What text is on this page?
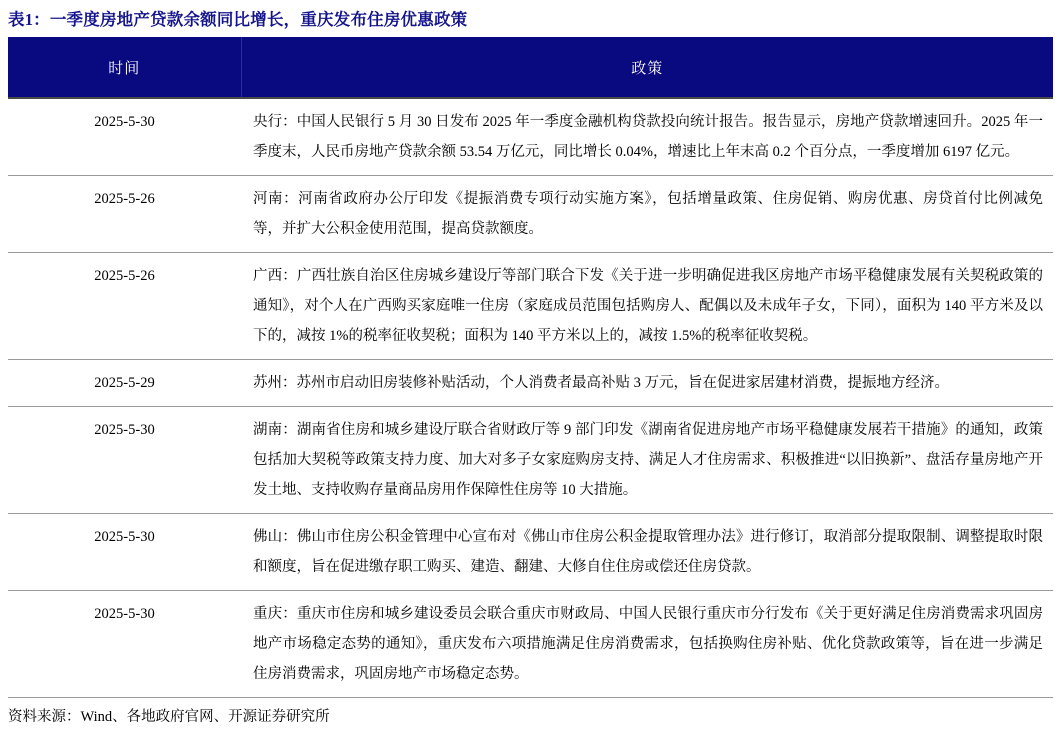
表1：一季度房地产贷款余额同比增长，重庆发布住房优惠政策
时间	政策
2025-5-30	央行：中国人民银行 5 月 30 日发布 2025 年一季度金融机构贷款投向统计报告。报告显示，房地产贷款增速回升。2025 年一季度末，人民币房地产贷款余额 53.54 万亿元，同比增长 0.04%，增速比上年末高 0.2 个百分点，一季度增加 6197 亿元。
2025-5-26	河南：河南省政府办公厅印发《提振消费专项行动实施方案》，包括增量政策、住房促销、购房优惠、房贷首付比例减免等，并扩大公积金使用范围，提高贷款额度。
2025-5-26	广西：广西壮族自治区住房城乡建设厅等部门联合下发《关于进一步明确促进我区房地产市场平稳健康发展有关契税政策的通知》，对个人在广西购买家庭唯一住房（家庭成员范围包括购房人、配偶以及未成年子女，下同），面积为 140 平方米及以下的，减按 1%的税率征收契税；面积为 140 平方米以上的，减按 1.5%的税率征收契税。
2025-5-29	苏州：苏州市启动旧房装修补贴活动，个人消费者最高补贴 3 万元，旨在促进家居建材消费，提振地方经济。
2025-5-30	湖南：湖南省住房和城乡建设厅联合省财政厅等 9 部门印发《湖南省促进房地产市场平稳健康发展若干措施》的通知，政策包括加大契税等政策支持力度、加大对多子女家庭购房支持、满足人才住房需求、积极推进“以旧换新”、盘活存量房地产开发土地、支持收购存量商品房用作保障性住房等 10 大措施。
2025-5-30	佛山：佛山市住房公积金管理中心宣布对《佛山市住房公积金提取管理办法》进行修订，取消部分提取限制、调整提取时限和额度，旨在促进缴存职工购买、建造、翻建、大修自住住房或偿还住房贷款。
2025-5-30	重庆：重庆市住房和城乡建设委员会联合重庆市财政局、中国人民银行重庆市分行发布《关于更好满足住房消费需求巩固房地产市场稳定态势的通知》，重庆发布六项措施满足住房消费需求，包括换购住房补贴、优化贷款政策等，旨在进一步满足住房消费需求，巩固房地产市场稳定态势。
资料来源：Wind、各地政府官网、开源证券研究所
